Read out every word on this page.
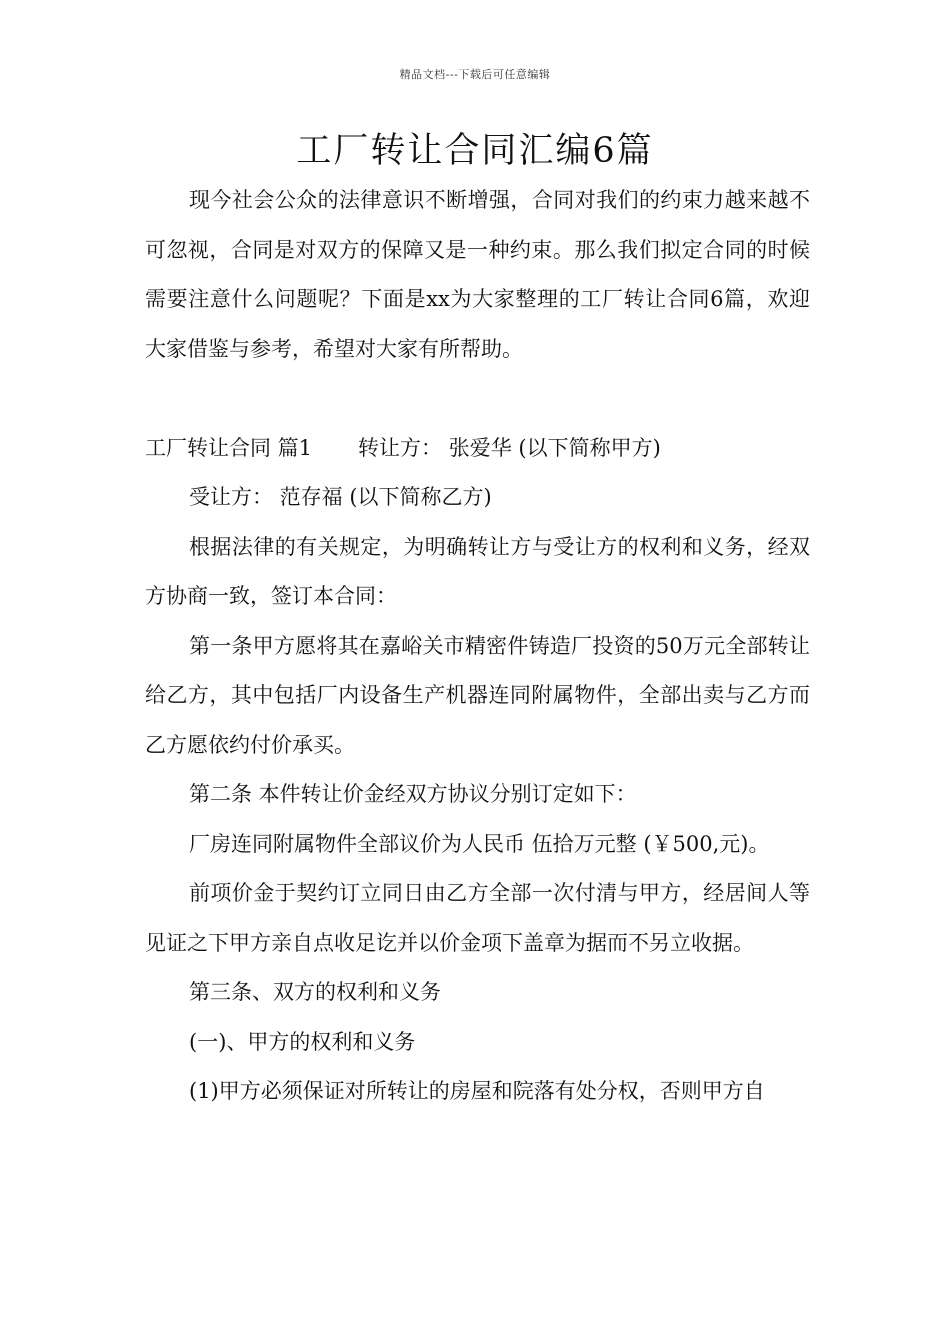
精品文档---下载后可任意编辑
工厂转让合同汇编6篇

现今社会公众的法律意识不断增强，合同对我们的约束力越来越不可忽视，合同是对双方的保障又是一种约束。那么我们拟定合同的时候需要注意什么问题呢？下面是xx为大家整理的工厂转让合同6篇，欢迎大家借鉴与参考，希望对大家有所帮助。

工厂转让合同 篇1 转让方： 张爱华 (以下简称甲方)

受让方： 范存福 (以下简称乙方)

根据法律的有关规定，为明确转让方与受让方的权利和义务，经双方协商一致，签订本合同：

第一条甲方愿将其在嘉峪关市精密件铸造厂投资的50万元全部转让给乙方，其中包括厂内设备生产机器连同附属物件，全部出卖与乙方而乙方愿依约付价承买。

第二条 本件转让价金经双方协议分别订定如下：

厂房连同附属物件全部议价为人民币 伍拾万元整 (￥500,元)。

前项价金于契约订立同日由乙方全部一次付清与甲方，经居间人等见证之下甲方亲自点收足讫并以价金项下盖章为据而不另立收据。

第三条、双方的权利和义务

(一)、甲方的权利和义务

(1)甲方必须保证对所转让的房屋和院落有处分权，否则甲方自
